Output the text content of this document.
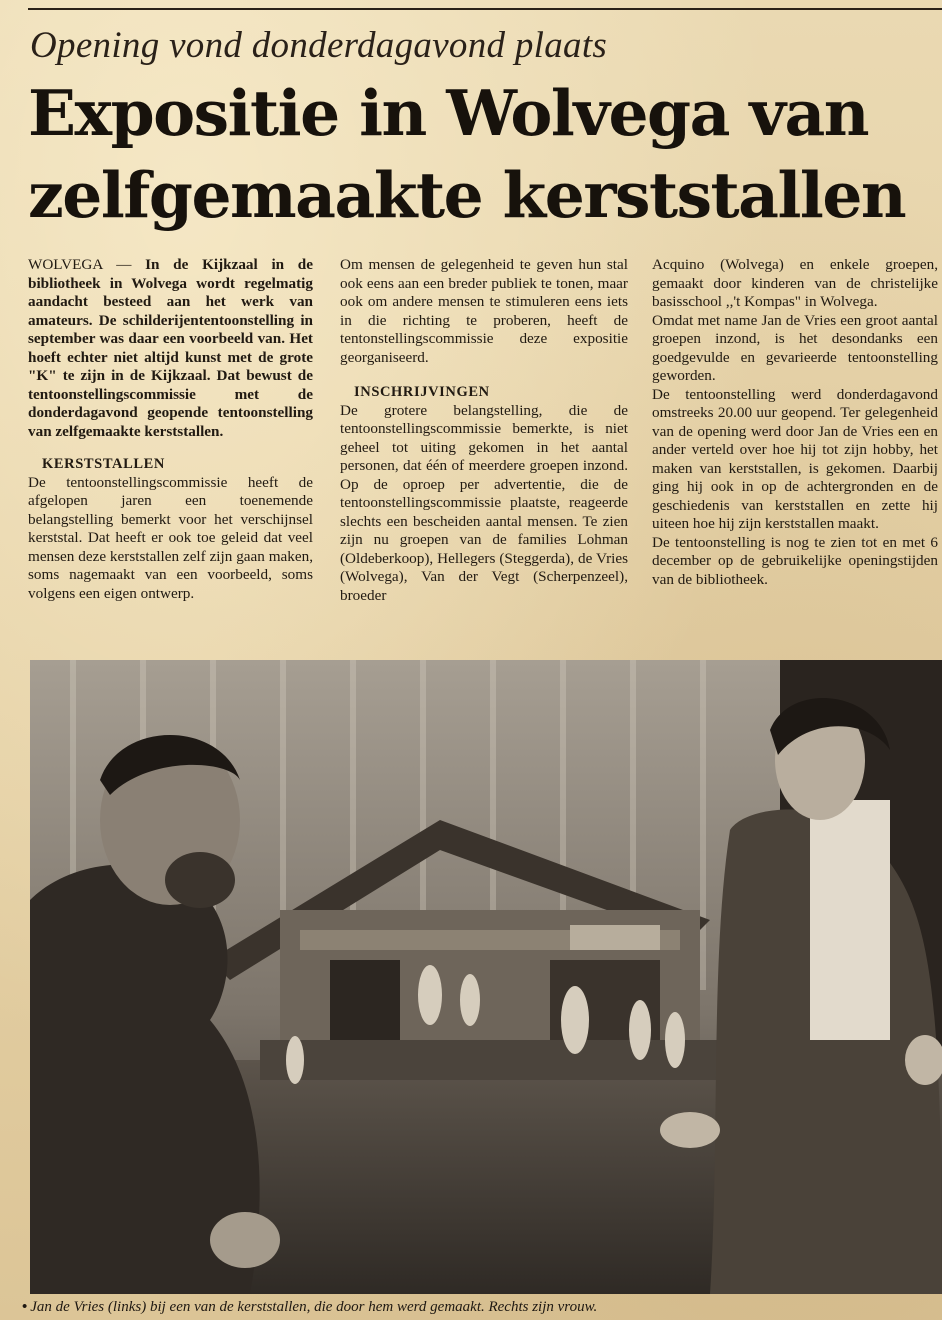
Opening vond donderdagavond plaats
Expositie in Wolvega van
zelfgemaakte kerststallen

WOLVEGA — In de Kijkzaal in de bibliotheek in Wolvega wordt regelmatig aandacht besteed aan het werk van amateurs. De schilderijententoonstelling in september was daar een voorbeeld van. Het hoeft echter niet altijd kunst met de grote "K" te zijn in de Kijkzaal. Dat bewust de tentoonstellingscommissie met de donderdagavond geopende tentoonstelling van zelfgemaakte kerststallen.

KERSTSTALLEN

De tentoonstellingscommissie heeft de afgelopen jaren een toenemende belangstelling bemerkt voor het verschijnsel kerststal. Dat heeft er ook toe geleid dat veel mensen deze kerststallen zelf zijn gaan maken, soms nagemaakt van een voorbeeld, soms volgens een eigen ontwerp.

Om mensen de gelegenheid te geven hun stal ook eens aan een breder publiek te tonen, maar ook om andere mensen te stimuleren eens iets in die richting te proberen, heeft de tentonstellingscommissie deze expositie georganiseerd.

INSCHRIJVINGEN

De grotere belangstelling, die de tentoonstellingscommissie bemerkte, is niet geheel tot uiting gekomen in het aantal personen, dat één of meerdere groepen inzond. Op de oproep per advertentie, die de tentoonstellingscommissie plaatste, reageerde slechts een bescheiden aantal mensen. Te zien zijn nu groepen van de families Lohman (Oldeberkoop), Hellegers (Steggerda), de Vries (Wolvega), Van der Vegt (Scherpenzeel), broeder

Acquino (Wolvega) en enkele groepen, gemaakt door kinderen van de christelijke basisschool ,,'t Kompas" in Wolvega.

Omdat met name Jan de Vries een groot aantal groepen inzond, is het desondanks een goedgevulde en gevarieerde tentoonstelling geworden.

De tentoonstelling werd donderdagavond omstreeks 20.00 uur geopend. Ter gelegenheid van de opening werd door Jan de Vries een en ander verteld over hoe hij tot zijn hobby, het maken van kerststallen, is gekomen. Daarbij ging hij ook in op de achtergronden en de geschiedenis van kerststallen en zette hij uiteen hoe hij zijn kerststallen maakt.

De tentoonstelling is nog te zien tot en met 6 december op de gebruikelijke openingstijden van de bibliotheek.

• Jan de Vries (links) bij een van de kerststallen, die door hem werd gemaakt. Rechts zijn vrouw.
